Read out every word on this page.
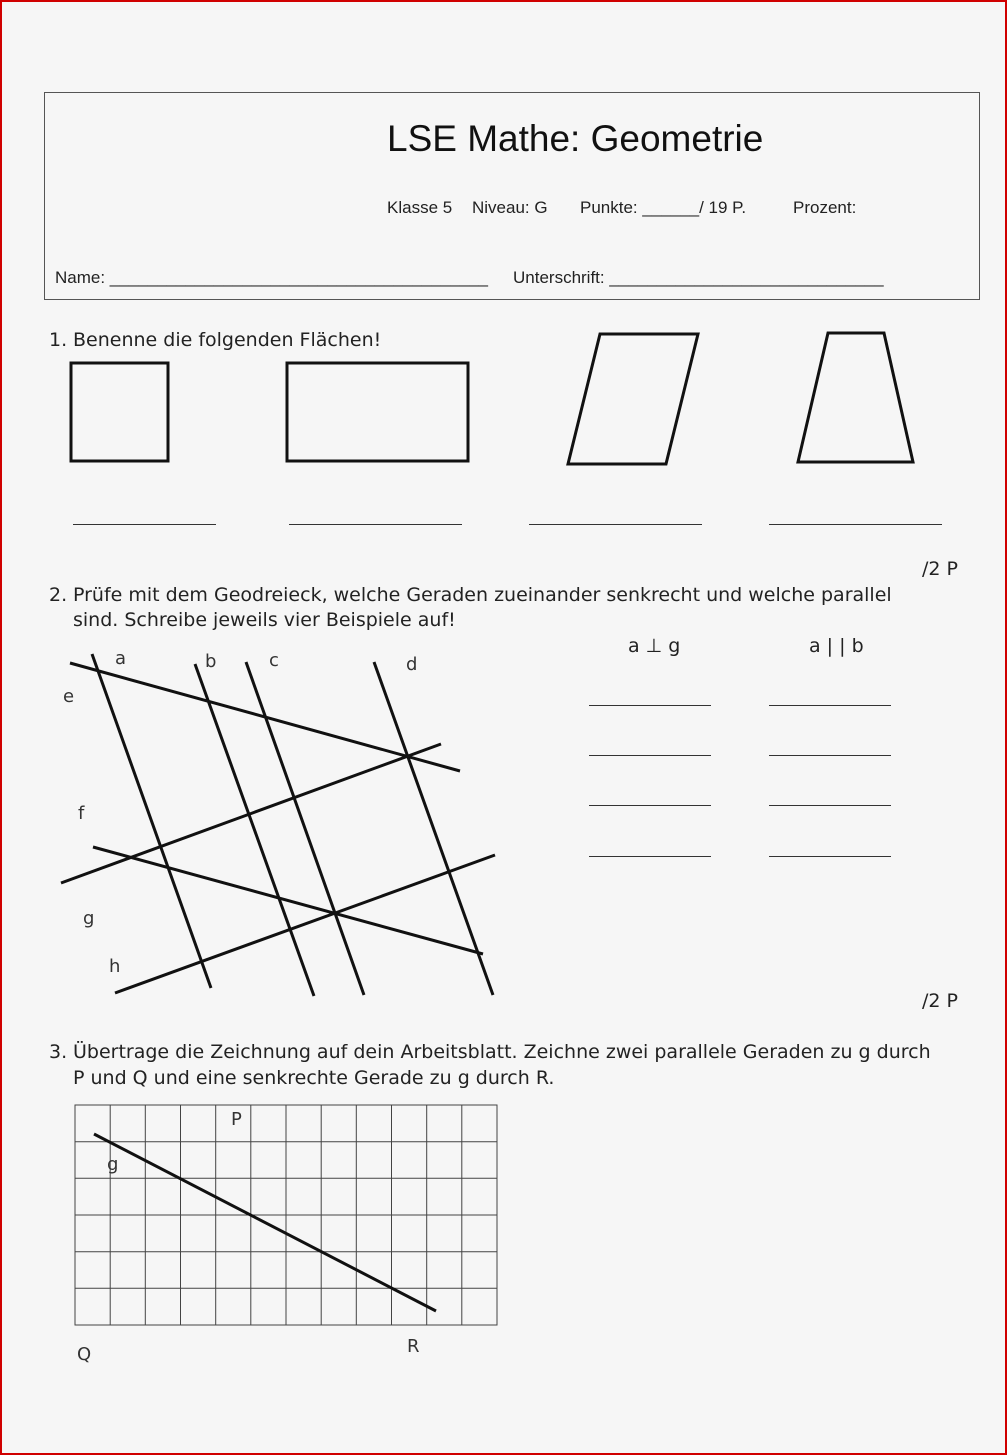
LSE Mathe: Geometrie
Klasse 5 Niveau: G Punkte: ______/ 19 P.	Prozent:
Name: ________________________________________ Unterschrift: _____________________________
1. Benenne die folgenden Flächen!
/2 P
2. Prüfe mit dem Geodreieck, welche Geraden zueinander senkrecht und welche parallel
sind. Schreibe jeweils vier Beispiele auf!
a ⊥ g	a | | b
a	b	c	d
e
f
g
h
/2 P
3. Übertrage die Zeichnung auf dein Arbeitsblatt. Zeichne zwei parallele Geraden zu g durch
P und Q und eine senkrechte Gerade zu g durch R.
P
g
Q	R
